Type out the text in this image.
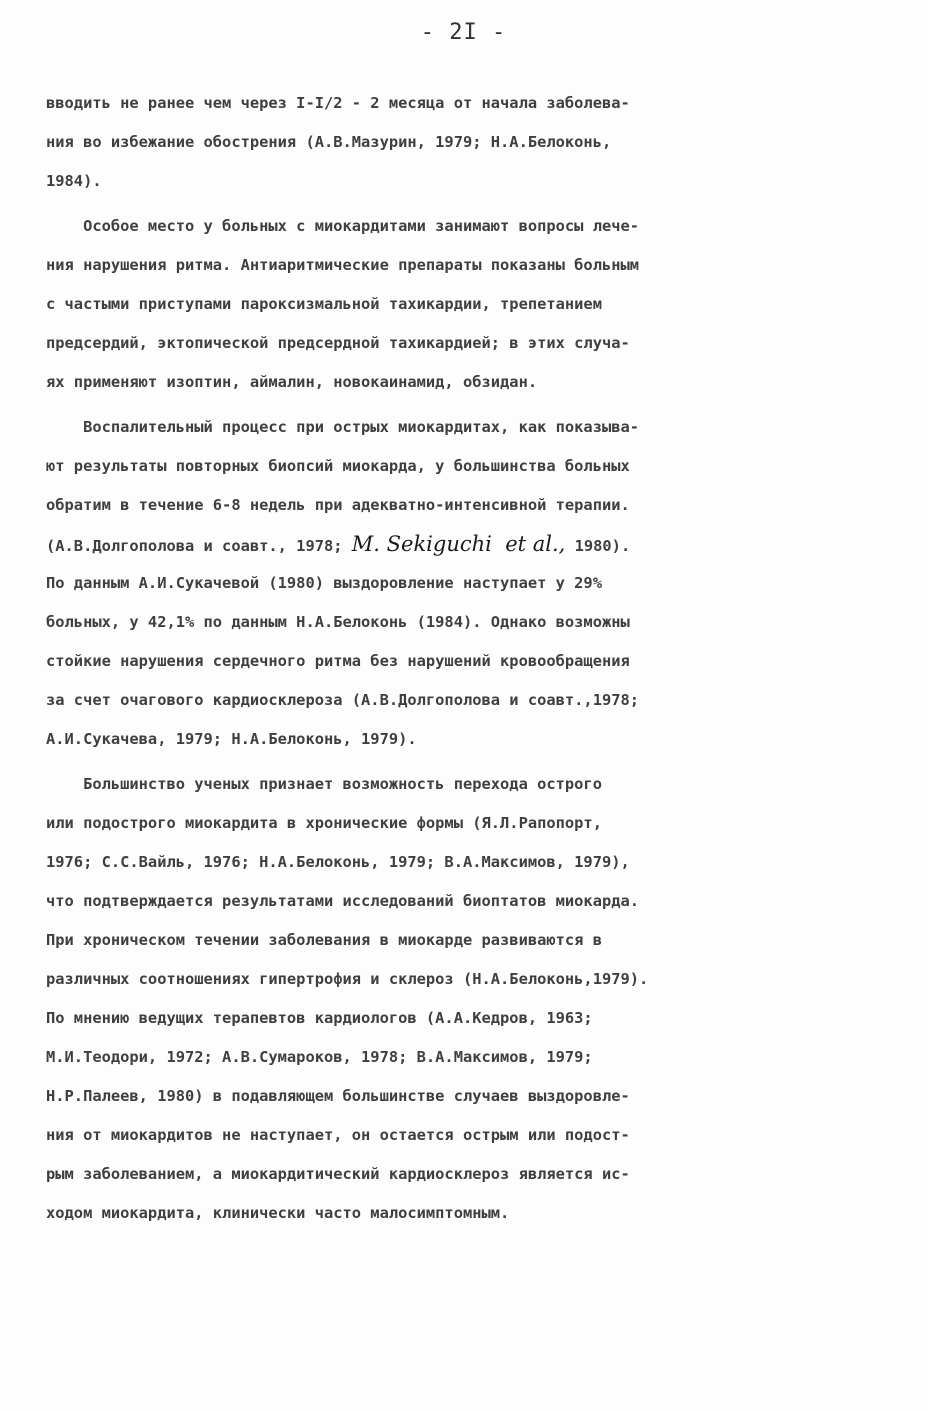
- 2I -
вводить не ранее чем через I-I/2 - 2 месяца от начала заболева-
ния во избежание обострения (А.В.Мазурин, 1979; Н.А.Белоконь,
1984).
Особое место у больных с миокардитами занимают вопросы лече-
ния нарушения ритма. Антиаритмические препараты показаны больным
с частыми приступами пароксизмальной тахикардии, трепетанием
предсердий, эктопической предсердной тахикардией; в этих случа-
ях применяют изоптин, аймалин, новокаинамид, обзидан.
Воспалительный процесс при острых миокардитах, как показыва-
ют результаты повторных биопсий миокарда, у большинства больных
обратим в течение 6-8 недель при адекватно-интенсивной терапии.
(А.В.Долгополова и соавт., 1978; M. Sekiguchi  et al., 1980).
По данным А.И.Сукачевой (1980) выздоровление наступает у 29%
больных, у 42,1% по данным Н.А.Белоконь (1984). Однако возможны
стойкие нарушения сердечного ритма без нарушений кровообращения
за счет очагового кардиосклероза (А.В.Долгополова и соавт.,1978;
А.И.Сукачева, 1979; Н.А.Белоконь, 1979).
Большинство ученых признает возможность перехода острого
или подострого миокардита в хронические формы (Я.Л.Рапопорт,
1976; С.С.Вайль, 1976; Н.А.Белоконь, 1979; В.А.Максимов, 1979),
что подтверждается результатами исследований биоптатов миокарда.
При хроническом течении заболевания в миокарде развиваются в
различных соотношениях гипертрофия и склероз (Н.А.Белоконь,1979).
По мнению ведущих терапевтов кардиологов (А.А.Кедров, 1963;
М.И.Теодори, 1972; А.В.Сумароков, 1978; В.А.Максимов, 1979;
Н.Р.Палеев, 1980) в подавляющем большинстве случаев выздоровле-
ния от миокардитов не наступает, он остается острым или подост-
рым заболеванием, а миокардитический кардиосклероз является ис-
ходом миокардита, клинически часто малосимптомным.
